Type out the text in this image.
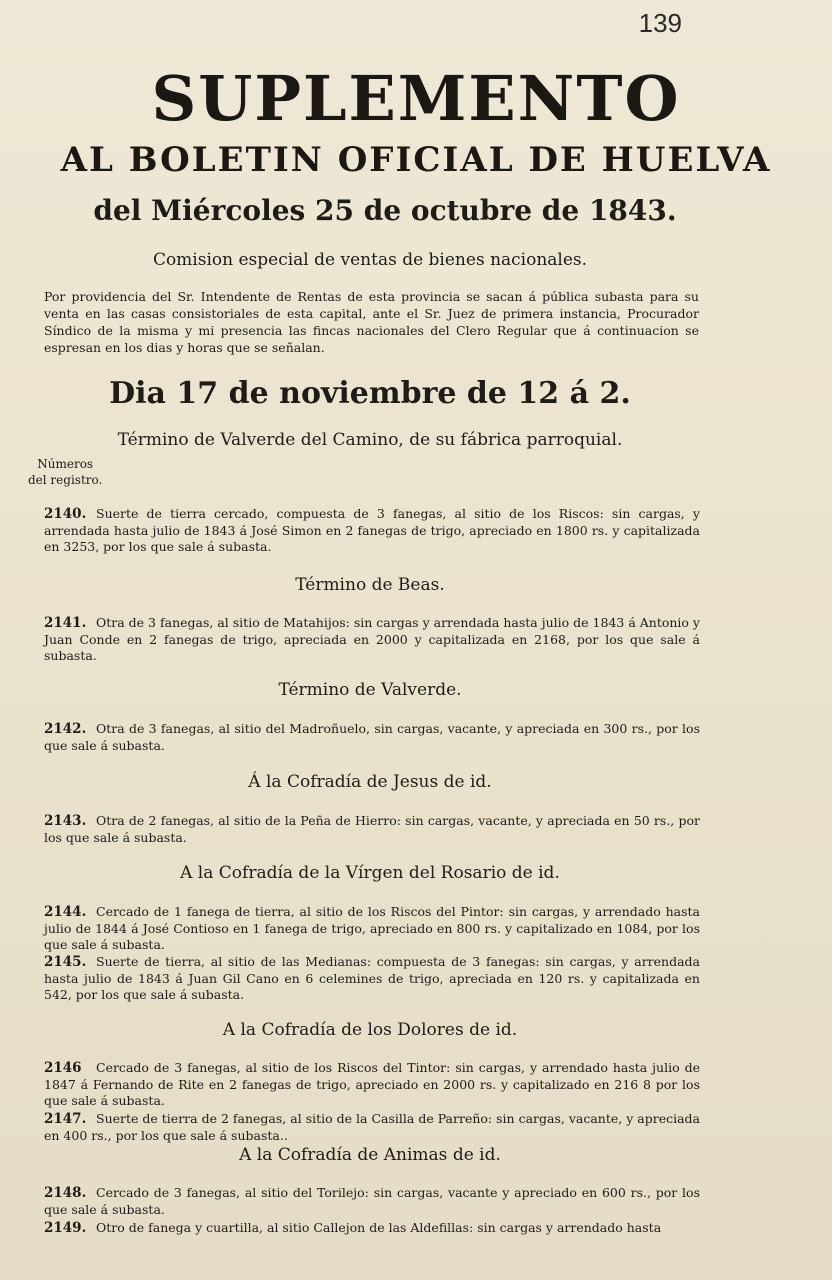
139
SUPLEMENTO
AL BOLETIN OFICIAL DE HUELVA
del Miércoles 25 de octubre de 1843.
Comision especial de ventas de bienes nacionales.
Por providencia del Sr. Intendente de Rentas de esta provincia se sacan á pública subasta para su venta en las casas consistoriales de esta capital, ante el Sr. Juez de primera instancia, Procurador Síndico de la misma y mi presencia las fincas nacionales del Clero Regular que á continuacion se espresan en los dias y horas que se señalan.
Dia 17 de noviembre de 12 á 2.
Números
del registro.
Término de Valverde del Camino, de su fábrica parroquial.
2140. Suerte de tierra cercado, compuesta de 3 fanegas, al sitio de los Riscos: sin cargas, y arrendada hasta julio de 1843 á José Simon en 2 fanegas de trigo, apreciado en 1800 rs. y capitalizada en 3253, por los que sale á subasta.
Término de Beas.
2141. Otra de 3 fanegas, al sitio de Matahijos: sin cargas y arrendada hasta julio de 1843 á Antonio y Juan Conde en 2 fanegas de trigo, apreciada en 2000 y capitalizada en 2168, por los que sale á subasta.
Término de Valverde.
2142. Otra de 3 fanegas, al sitio del Madroñuelo, sin cargas, vacante, y apreciada en 300 rs., por los que sale á subasta.
Á la Cofradía de Jesus de id.
2143. Otra de 2 fanegas, al sitio de la Peña de Hierro: sin cargas, vacante, y apreciada en 50 rs., por los que sale á subasta.
A la Cofradía de la Vírgen del Rosario de id.
2144. Cercado de 1 fanega de tierra, al sitio de los Riscos del Pintor: sin cargas, y arrendado hasta julio de 1844 á José Contioso en 1 fanega de trigo, apreciado en 800 rs. y capitalizado en 1084, por los que sale á subasta.
2145. Suerte de tierra, al sitio de las Medianas: compuesta de 3 fanegas: sin cargas, y arrendada hasta julio de 1843 á Juan Gil Cano en 6 celemines de trigo, apreciada en 120 rs. y capitalizada en 542, por los que sale á subasta.
A la Cofradía de los Dolores de id.
2146 Cercado de 3 fanegas, al sitio de los Riscos del Tintor: sin cargas, y arrendado hasta julio de 1847 á Fernando de Rite en 2 fanegas de trigo, apreciado en 2000 rs. y capitalizado en 216 8 por los que sale á subasta.
2147. Suerte de tierra de 2 fanegas, al sitio de la Casilla de Parreño: sin cargas, vacante, y apreciada en 400 rs., por los que sale á subasta..
A la Cofradía de Animas de id.
2148. Cercado de 3 fanegas, al sitio del Torilejo: sin cargas, vacante y apreciado en 600 rs., por los que sale á subasta.
2149. Otro de fanega y cuartilla, al sitio Callejon de las Aldefillas: sin cargas y arrendado hasta
